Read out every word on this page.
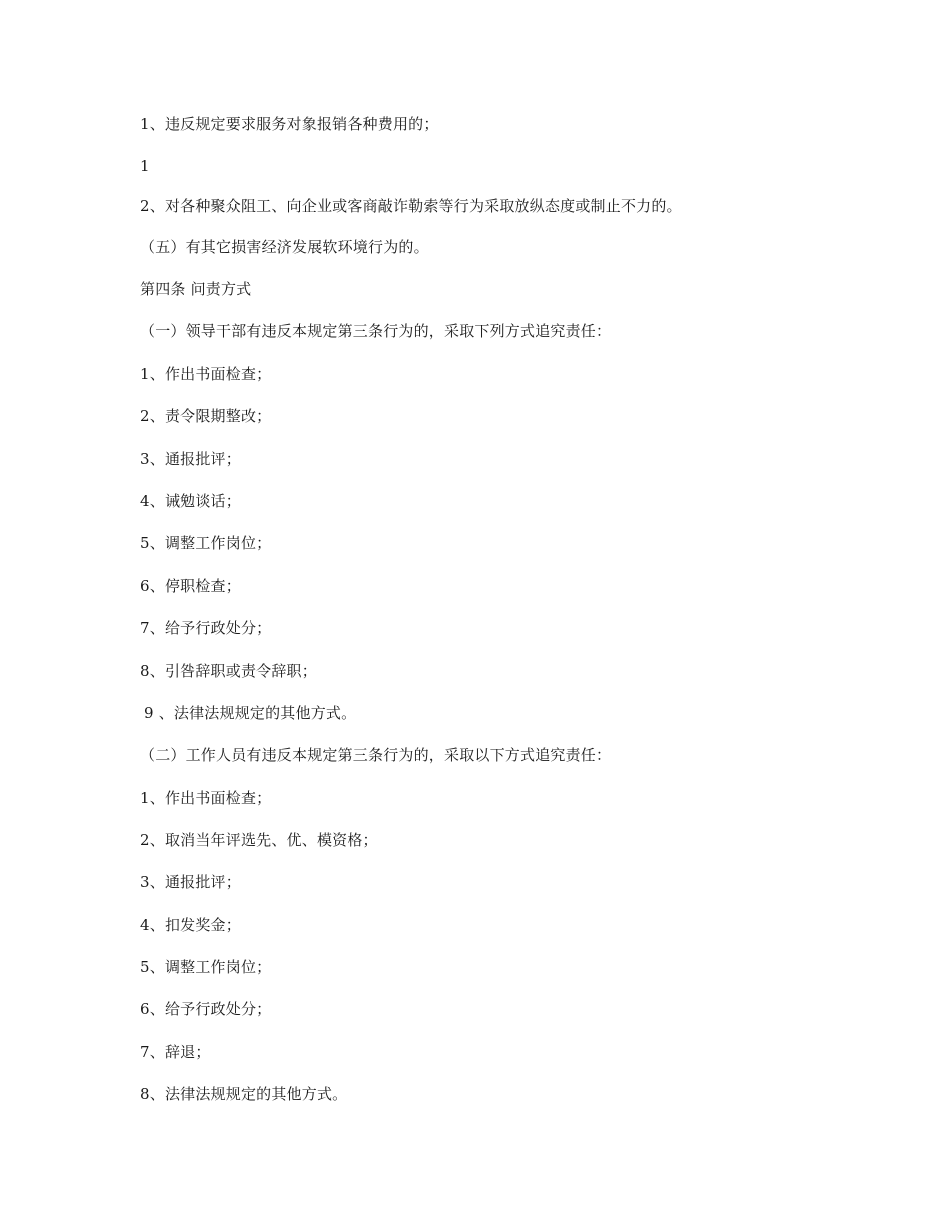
1、违反规定要求服务对象报销各种费用的；
1
2、对各种聚众阻工、向企业或客商敲诈勒索等行为采取放纵态度或制止不力的。
（五）有其它损害经济发展软环境行为的。
第四条 问责方式
（一）领导干部有违反本规定第三条行为的，采取下列方式追究责任：
1、作出书面检查；
2、责令限期整改；
3、通报批评；
4、诫勉谈话；
5、调整工作岗位；
6、停职检查；
7、给予行政处分；
8、引咎辞职或责令辞职；
9 、法律法规规定的其他方式。
（二）工作人员有违反本规定第三条行为的，采取以下方式追究责任：
1、作出书面检查；
2、取消当年评选先、优、模资格；
3、通报批评；
4、扣发奖金；
5、调整工作岗位；
6、给予行政处分；
7、辞退；
8、法律法规规定的其他方式。
